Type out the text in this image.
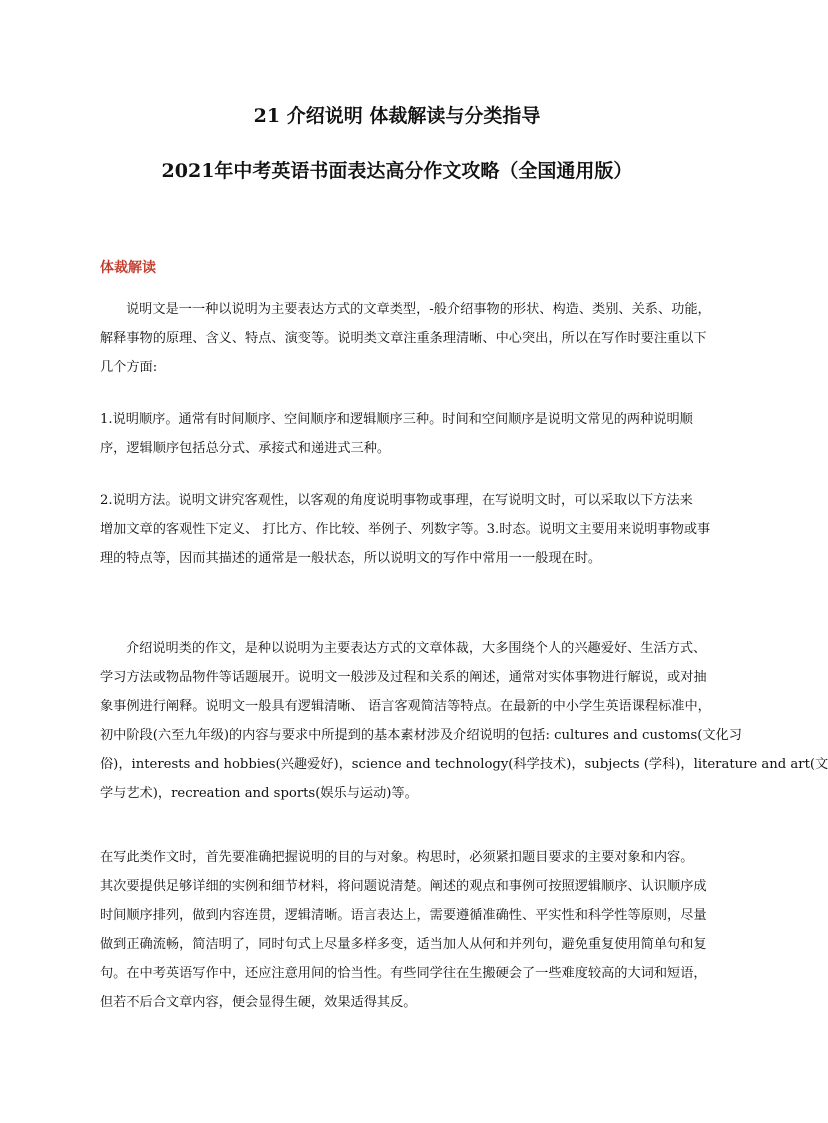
21 介绍说明 体裁解读与分类指导
2021年中考英语书面表达高分作文攻略（全国通用版）
体裁解读
说明文是一一种以说明为主要表达方式的文章类型，-般介绍事物的形状、构造、类别、关系、功能，
解释事物的原理、含义、特点、演变等。说明类文章注重条理清晰、中心突出，所以在写作时要注重以下
几个方面:
1.说明顺序。通常有时间顺序、空间顺序和逻辑顺序三种。时间和空间顺序是说明文常见的两种说明顺
序，逻辑顺序包括总分式、承接式和递进式三种。
2.说明方法。说明文讲究客观性，以客观的角度说明事物或事理，在写说明文时，可以采取以下方法来
增加文章的客观性下定义、 打比方、作比较、举例子、列数字等。3.时态。说明文主要用来说明事物或事
理的特点等，因而其描述的通常是一般状态，所以说明文的写作中常用一一般现在时。
介绍说明类的作文，是种以说明为主要表达方式的文章体裁，大多围绕个人的兴趣爱好、生活方式、
学习方法或物品物件等话题展开。说明文一般涉及过程和关系的阐述，通常对实体事物进行解说，或对抽
象事例进行阐释。说明文一般具有逻辑清晰、 语言客观简洁等特点。在最新的中小学生英语课程标准中，
初中阶段(六至九年级)的内容与要求中所提到的基本素材涉及介绍说明的包括: cultures and customs(文化习
俗)，interests and hobbies(兴趣爱好)，science and technology(科学技术)，subjects (学科)，literature and art(文
学与艺术)，recreation and sports(娱乐与运动)等。
在写此类作文时，首先要准确把握说明的目的与对象。构思时，必须紧扣题目要求的主要对象和内容。
其次要提供足够详细的实例和细节材料，将问题说清楚。阐述的观点和事例可按照逻辑顺序、认识顺序成
时间顺序排列，做到内容连贯，逻辑清晰。语言表达上，需要遵循准确性、平实性和科学性等原则，尽量
做到正确流畅，简洁明了，同时句式上尽量多样多变，适当加人从何和并列句，避免重复使用简单句和复
句。在中考英语写作中，还应注意用间的恰当性。有些同学往在生搬硬会了一些难度较高的大词和短语，
但若不后合文章内容，便会显得生硬，效果适得其反。
